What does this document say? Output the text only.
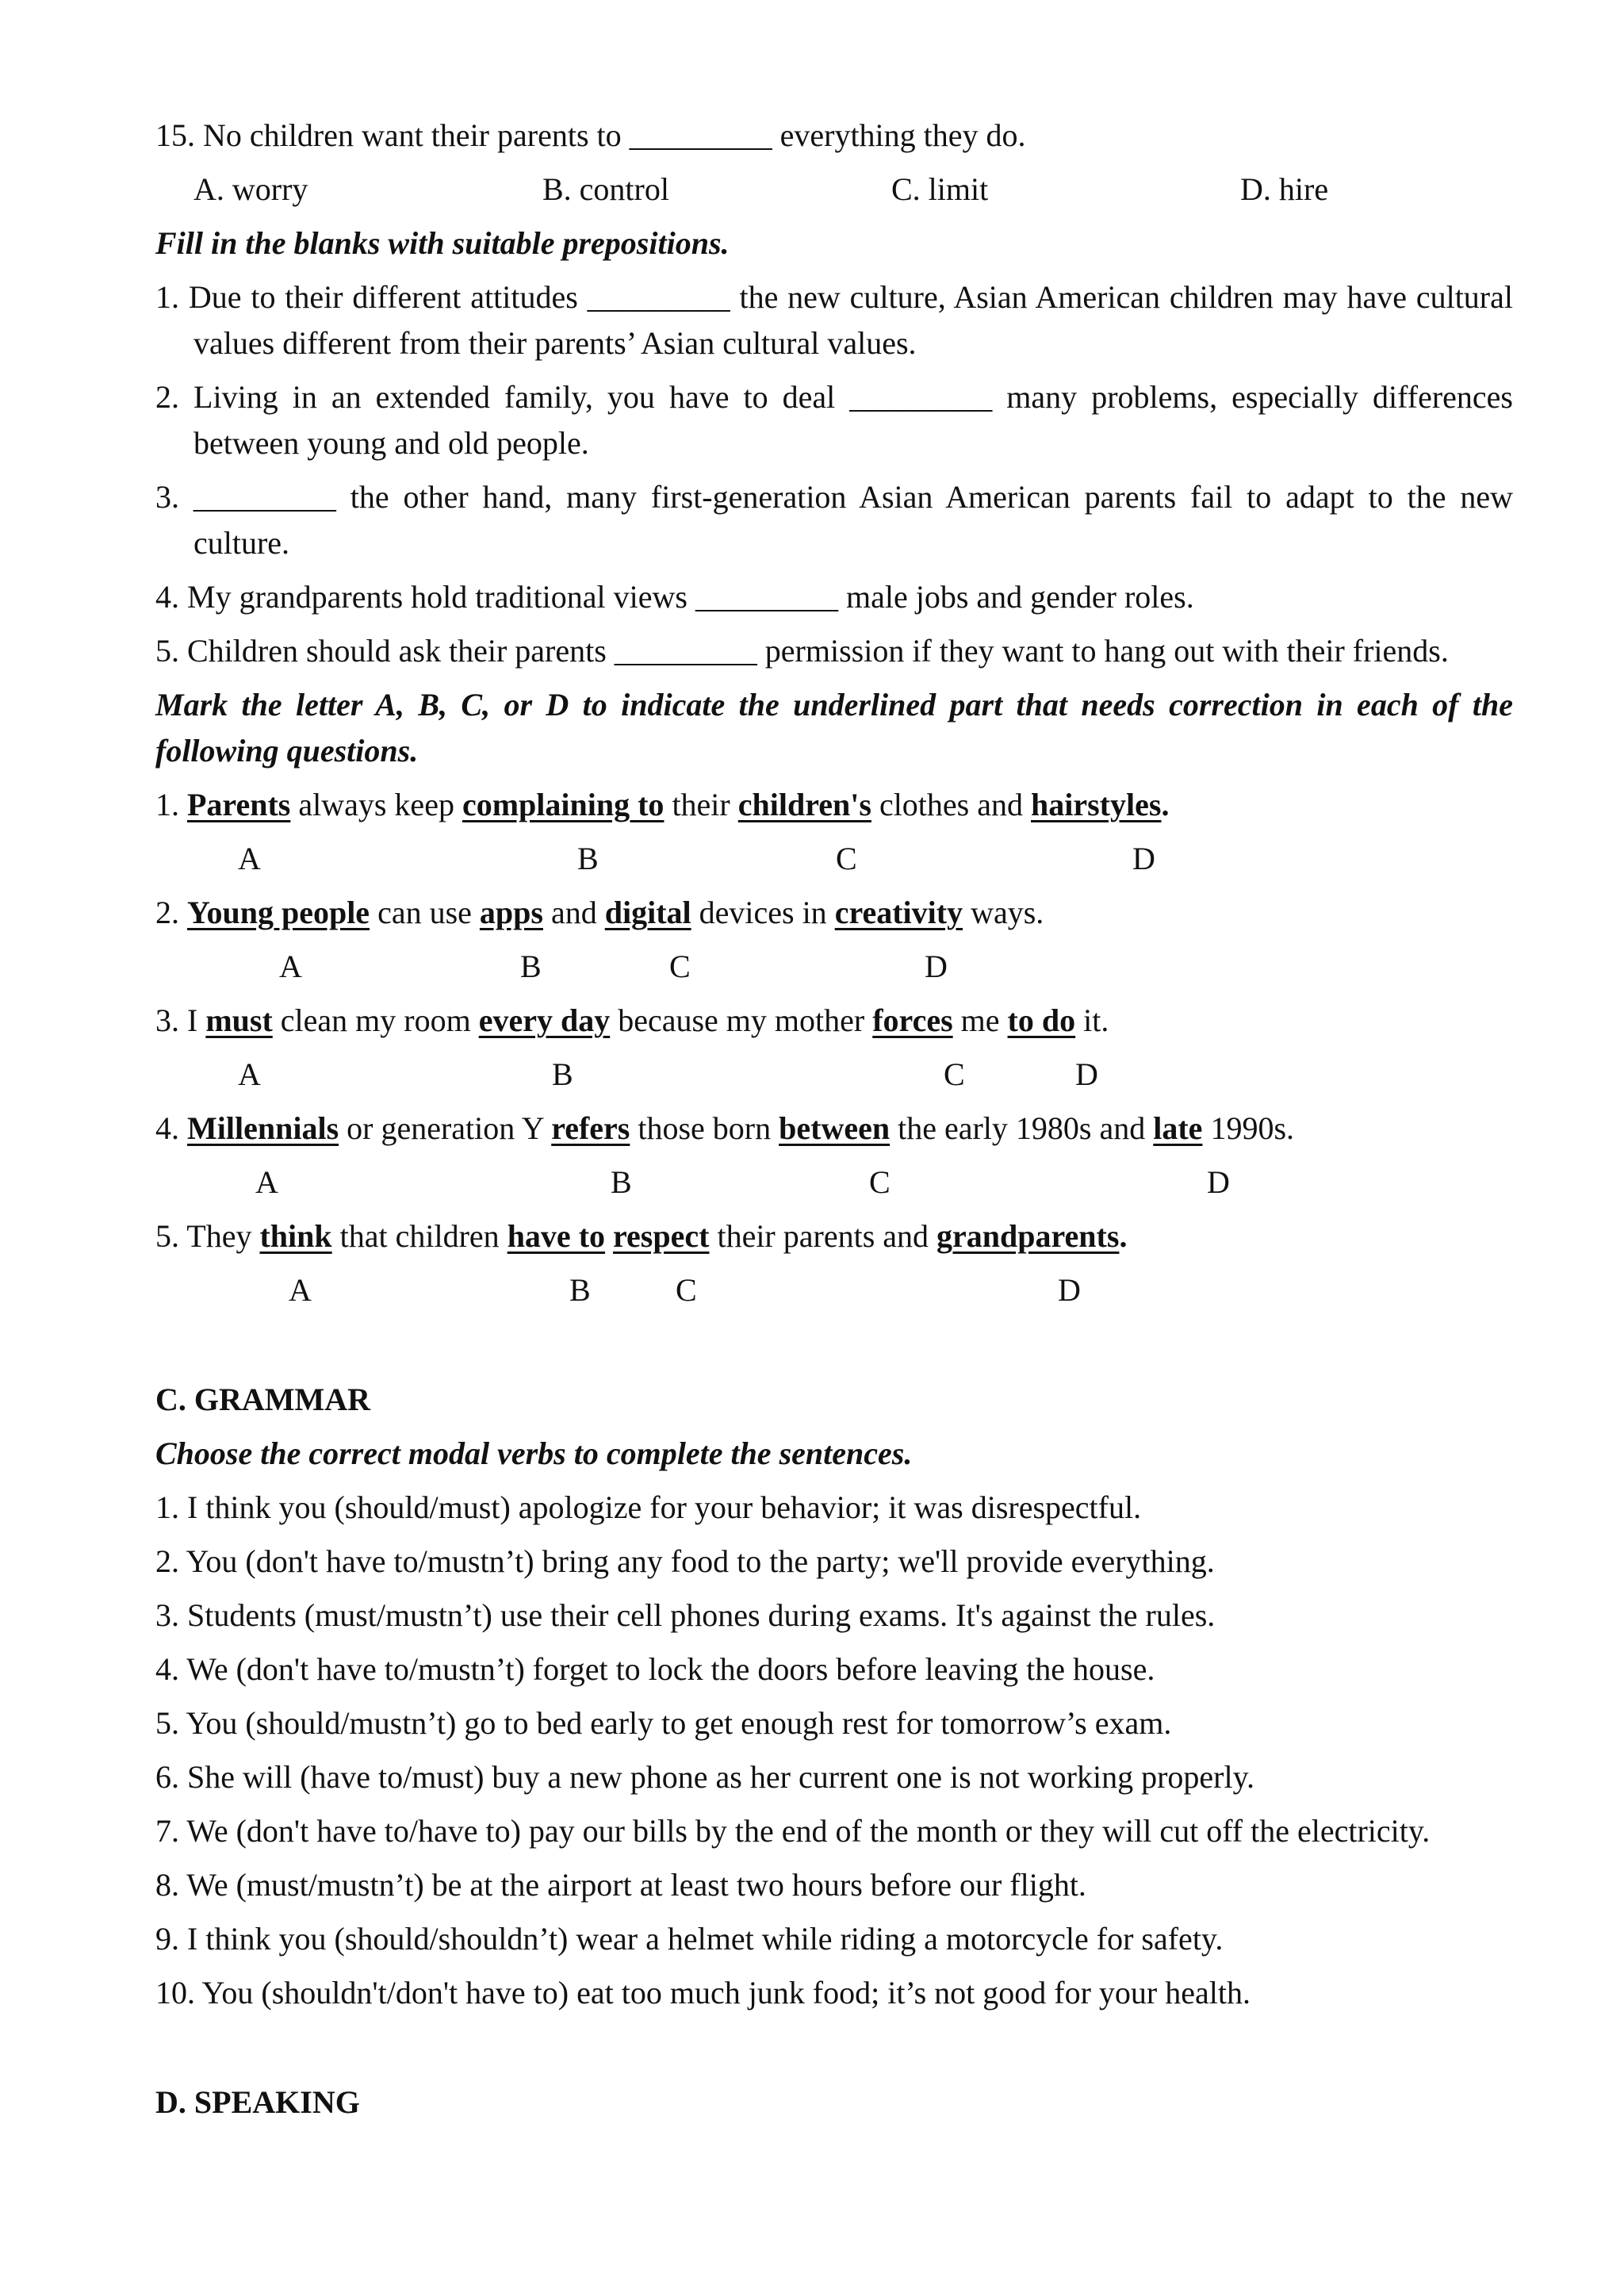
15. No children want their parents to _________ everything they do.
A. worry	B. control	C. limit	D. hire
Fill in the blanks with suitable prepositions.
1. Due to their different attitudes _________ the new culture, Asian American children may have cultural
values different from their parents’ Asian cultural values.
2. Living in an extended family, you have to deal _________ many problems, especially differences
between young and old people.
3. _________ the other hand, many first-generation Asian American parents fail to adapt to the new
culture.
4. My grandparents hold traditional views _________ male jobs and gender roles.
5. Children should ask their parents _________ permission if they want to hang out with their friends.
Mark the letter A, B, C, or D to indicate the underlined part that needs correction in each of the
following questions.
1. Parents always keep complaining to their children's clothes and hairstyles.
A	B	C	D
2. Young people can use apps and digital devices in creativity ways.
A	B	C	D
3. I must clean my room every day because my mother forces me to do it.
A	B	C	D
4. Millennials or generation Y refers those born between the early 1980s and late 1990s.
A	B	C	D
5. They think that children have to respect their parents and grandparents.
A	B	C	D
C. GRAMMAR
Choose the correct modal verbs to complete the sentences.
1. I think you (should/must) apologize for your behavior; it was disrespectful.
2. You (don't have to/mustn’t) bring any food to the party; we'll provide everything.
3. Students (must/mustn’t) use their cell phones during exams. It's against the rules.
4. We (don't have to/mustn’t) forget to lock the doors before leaving the house.
5. You (should/mustn’t) go to bed early to get enough rest for tomorrow’s exam.
6. She will (have to/must) buy a new phone as her current one is not working properly.
7. We (don't have to/have to) pay our bills by the end of the month or they will cut off the electricity.
8. We (must/mustn’t) be at the airport at least two hours before our flight.
9. I think you (should/shouldn’t) wear a helmet while riding a motorcycle for safety.
10. You (shouldn't/don't have to) eat too much junk food; it’s not good for your health.
D. SPEAKING
